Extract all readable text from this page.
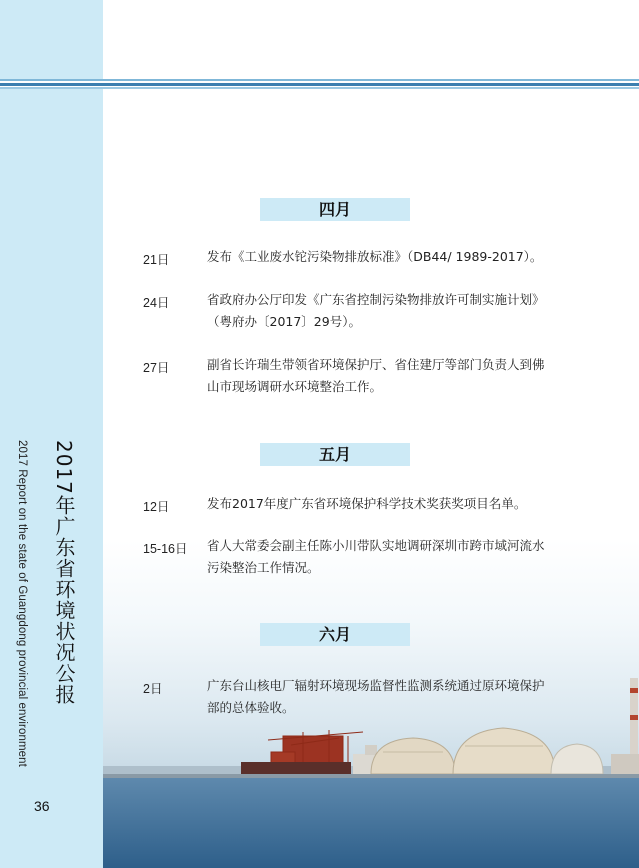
2017 Report on the state of Guangdong provincial environment 2017年广东省环境状况公报
36
四月
21日	发布《工业废水铊污染物排放标准》（DB44/ 1989-2017）。
24日	省政府办公厅印发《广东省控制污染物排放许可制实施计划》（粤府办〔2017〕29号）。
27日	副省长许瑞生带领省环境保护厅、省住建厅等部门负责人到佛山市现场调研水环境整治工作。
五月
12日	发布2017年度广东省环境保护科学技术奖获奖项目名单。
15-16日 省人大常委会副主任陈小川带队实地调研深圳市跨市域河流水污染整治工作情况。
六月
2日	广东台山核电厂辐射环境现场监督性监测系统通过原环境保护部的总体验收。
